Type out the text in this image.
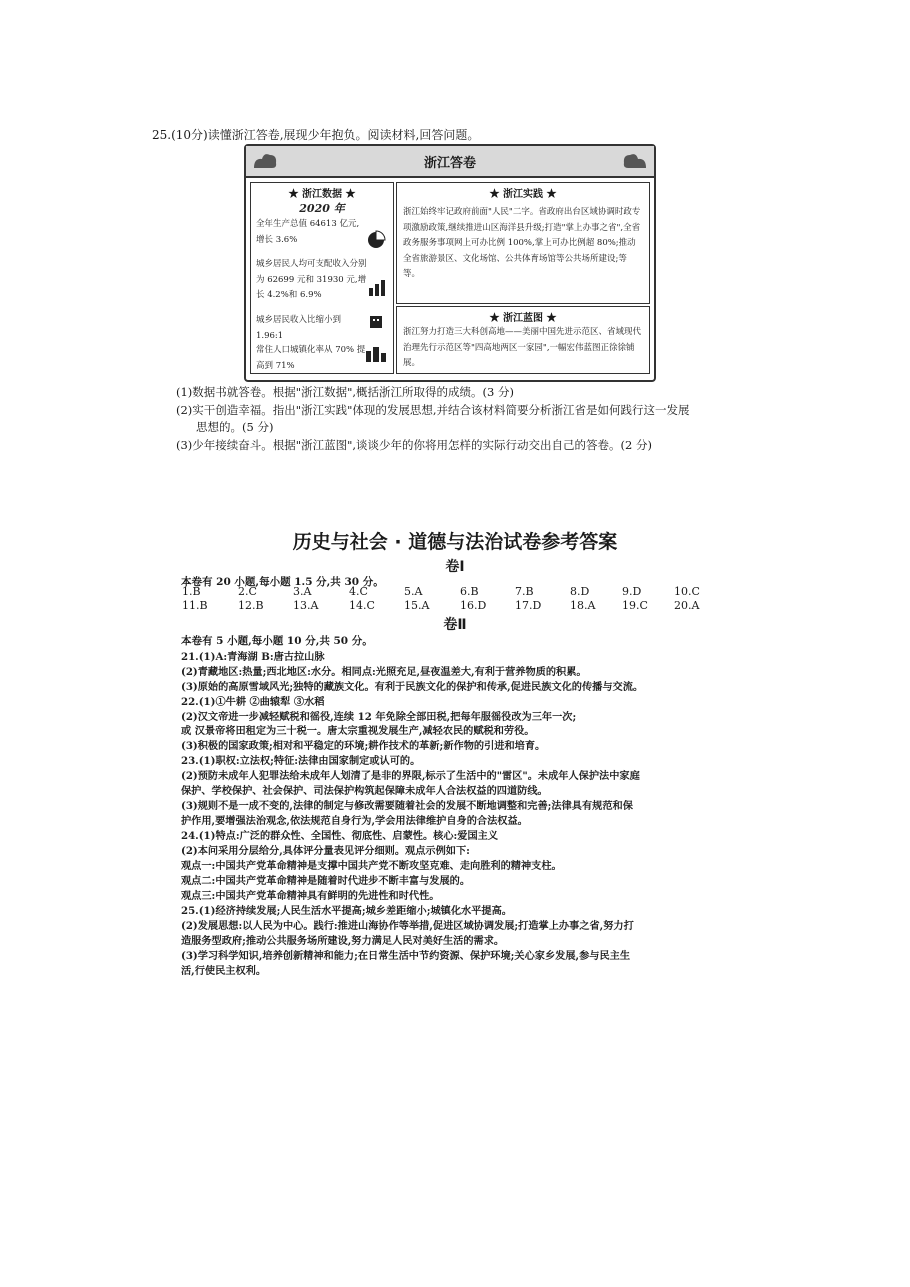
25.(10分)读懂浙江答卷,展现少年抱负。阅读材料,回答问题。
浙江答卷
★ 浙江数据 ★
2020 年
全年生产总值 64613 亿元,增长 3.6%
城乡居民人均可支配收入分别为 62699 元和 31930 元,增长 4.2%和 6.9%
城乡居民收入比缩小到 1.96:1
常住人口城镇化率从 70% 提高到 71%
★ 浙江实践 ★
浙江始终牢记政府前面"人民"二字。省政府出台区域协调时政专项激励政策,继续推进山区海洋县升级;打造"掌上办事之省",全省政务服务事项网上可办比例 100%,掌上可办比例超 80%;推动全省旅游景区、文化场馆、公共体育场馆等公共场所建设;等等。
★ 浙江蓝图 ★
浙江努力打造三大科创高地——美丽中国先进示范区、省域现代治理先行示范区等"四高地两区一家园",一幅宏伟蓝图正徐徐铺展。
(1)数据书就答卷。根据"浙江数据",概括浙江所取得的成绩。(3 分)
(2)实干创造幸福。指出"浙江实践"体现的发展思想,并结合该材料简要分析浙江省是如何践行这一发展
思想的。(5 分)
(3)少年接续奋斗。根据"浙江蓝图",谈谈少年的你将用怎样的实际行动交出自己的答卷。(2 分)
历史与社会 · 道德与法治试卷参考答案
卷Ⅰ
本卷有 20 小题,每小题 1.5 分,共 30 分。
1.B	2.C	3.A	4.C	5.A	6.B	7.B	8.D	9.D	10.C
11.B	12.B	13.A	14.C	15.A	16.D	17.D	18.A 19.C 20.A
卷Ⅱ
本卷有 5 小题,每小题 10 分,共 50 分。
21.(1)A:青海湖 B:唐古拉山脉
(2)青藏地区:热量;西北地区:水分。相同点:光照充足,昼夜温差大,有利于营养物质的积累。
(3)原始的高原雪域风光;独特的藏族文化。有利于民族文化的保护和传承,促进民族文化的传播与交流。
22.(1)①牛耕 ②曲辕犁 ③水稻
(2)汉文帝进一步减轻赋税和徭役,连续 12 年免除全部田税,把每年服徭役改为三年一次;
或 汉景帝将田租定为三十税一。唐太宗重视发展生产,减轻农民的赋税和劳役。
(3)积极的国家政策;相对和平稳定的环境;耕作技术的革新;新作物的引进和培育。
23.(1)职权:立法权;特征:法律由国家制定或认可的。
(2)预防未成年人犯罪法给未成年人划清了是非的界限,标示了生活中的"雷区"。未成年人保护法中家庭
保护、学校保护、社会保护、司法保护构筑起保障未成年人合法权益的四道防线。
(3)规则不是一成不变的,法律的制定与修改需要随着社会的发展不断地调整和完善;法律具有规范和保
护作用,要增强法治观念,依法规范自身行为,学会用法律维护自身的合法权益。
24.(1)特点:广泛的群众性、全国性、彻底性、启蒙性。核心:爱国主义
(2)本问采用分层给分,具体评分量表见评分细则。观点示例如下:
观点一:中国共产党革命精神是支撑中国共产党不断攻坚克难、走向胜利的精神支柱。
观点二:中国共产党革命精神是随着时代进步不断丰富与发展的。
观点三:中国共产党革命精神具有鲜明的先进性和时代性。
25.(1)经济持续发展;人民生活水平提高;城乡差距缩小;城镇化水平提高。
(2)发展思想:以人民为中心。践行:推进山海协作等举措,促进区域协调发展;打造掌上办事之省,努力打
造服务型政府;推动公共服务场所建设,努力满足人民对美好生活的需求。
(3)学习科学知识,培养创新精神和能力;在日常生活中节约资源、保护环境;关心家乡发展,参与民主生
活,行使民主权利。
